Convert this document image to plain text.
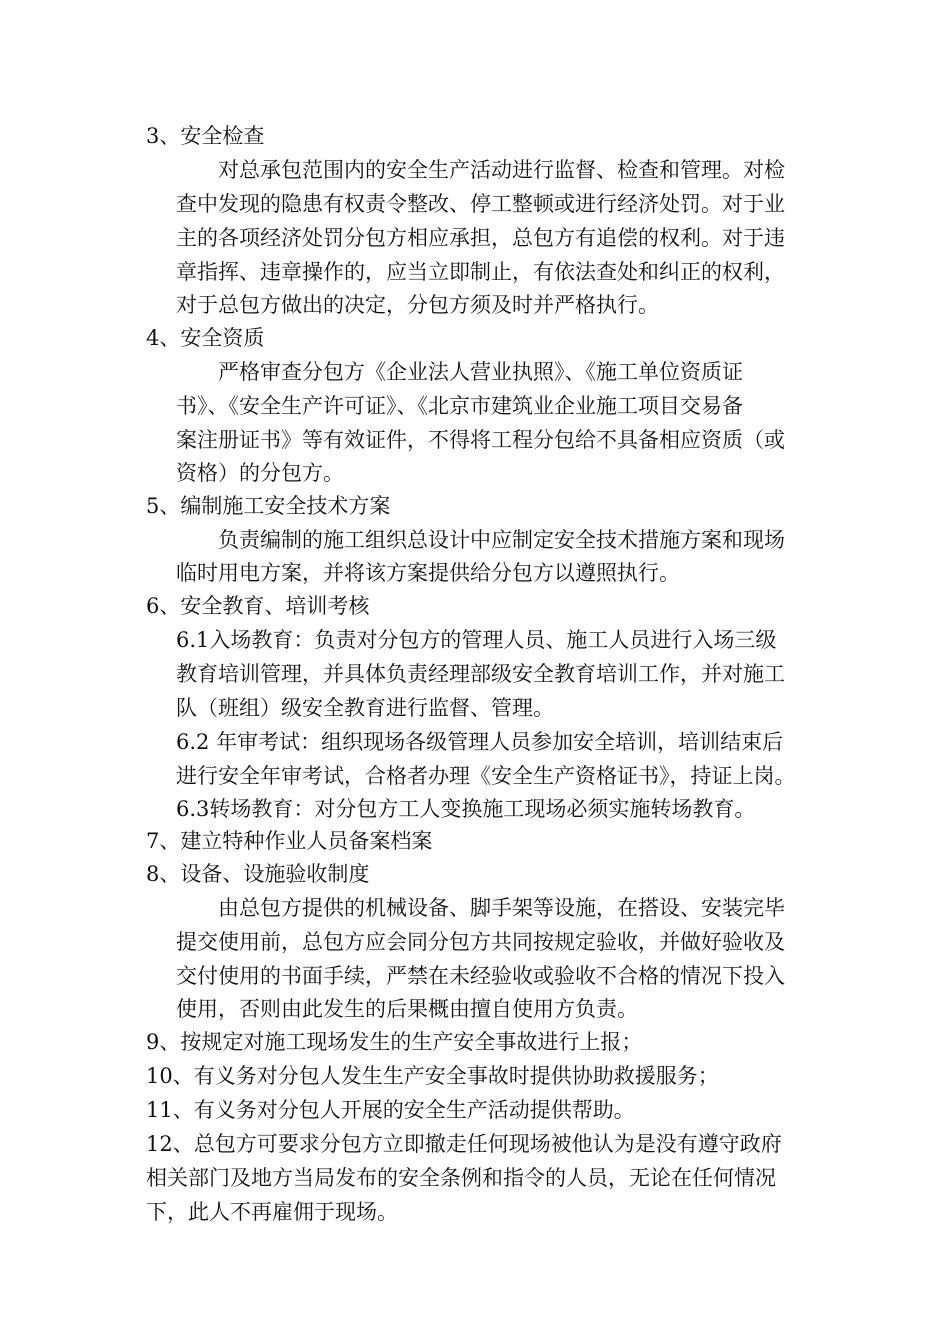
3、安全检查
对总承包范围内的安全生产活动进行监督、检查和管理。对检
查中发现的隐患有权责令整改、停工整顿或进行经济处罚。对于业
主的各项经济处罚分包方相应承担，总包方有追偿的权利。对于违
章指挥、违章操作的，应当立即制止，有依法查处和纠正的权利，
对于总包方做出的决定，分包方须及时并严格执行。
4、安全资质
严格审查分包方《企业法人营业执照》、《施工单位资质证
书》、《安全生产许可证》、《北京市建筑业企业施工项目交易备
案注册证书》等有效证件，不得将工程分包给不具备相应资质（或
资格）的分包方。
5、编制施工安全技术方案
负责编制的施工组织总设计中应制定安全技术措施方案和现场
临时用电方案，并将该方案提供给分包方以遵照执行。
6、安全教育、培训考核
6.1入场教育：负责对分包方的管理人员、施工人员进行入场三级
教育培训管理，并具体负责经理部级安全教育培训工作，并对施工
队（班组）级安全教育进行监督、管理。
6.2 年审考试：组织现场各级管理人员参加安全培训，培训结束后
进行安全年审考试，合格者办理《安全生产资格证书》，持证上岗。
6.3转场教育：对分包方工人变换施工现场必须实施转场教育。
7、建立特种作业人员备案档案
8、设备、设施验收制度
由总包方提供的机械设备、脚手架等设施，在搭设、安装完毕
提交使用前，总包方应会同分包方共同按规定验收，并做好验收及
交付使用的书面手续，严禁在未经验收或验收不合格的情况下投入
使用，否则由此发生的后果概由擅自使用方负责。
9、按规定对施工现场发生的生产安全事故进行上报；
10、有义务对分包人发生生产安全事故时提供协助救援服务；
11、有义务对分包人开展的安全生产活动提供帮助。
12、总包方可要求分包方立即撤走任何现场被他认为是没有遵守政府
相关部门及地方当局发布的安全条例和指令的人员，无论在任何情况
下，此人不再雇佣于现场。
